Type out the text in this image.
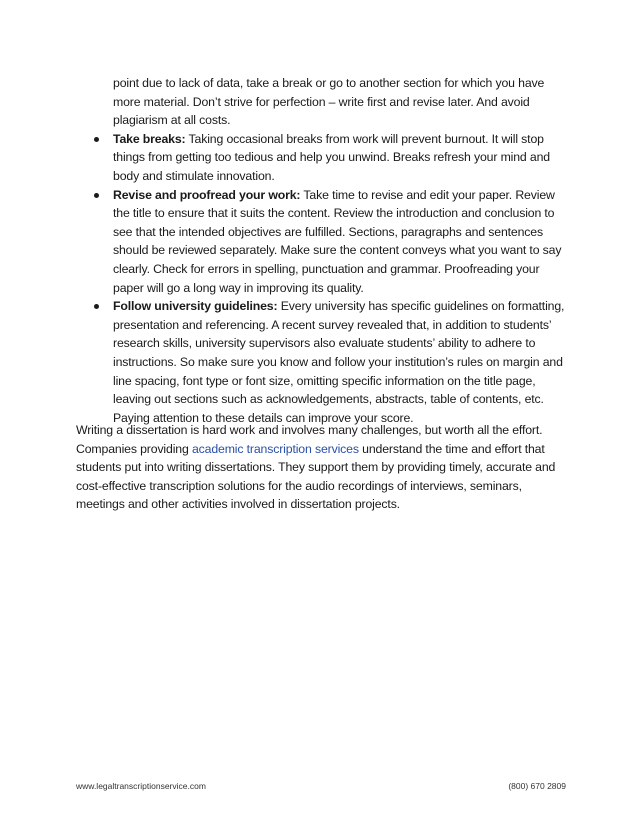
point due to lack of data, take a break or go to another section for which you have more material. Don’t strive for perfection – write first and revise later. And avoid plagiarism at all costs.
Take breaks: Taking occasional breaks from work will prevent burnout. It will stop things from getting too tedious and help you unwind. Breaks refresh your mind and body and stimulate innovation.
Revise and proofread your work: Take time to revise and edit your paper. Review the title to ensure that it suits the content. Review the introduction and conclusion to see that the intended objectives are fulfilled. Sections, paragraphs and sentences should be reviewed separately. Make sure the content conveys what you want to say clearly. Check for errors in spelling, punctuation and grammar. Proofreading your paper will go a long way in improving its quality.
Follow university guidelines: Every university has specific guidelines on formatting, presentation and referencing. A recent survey revealed that, in addition to students’ research skills, university supervisors also evaluate students’ ability to adhere to instructions. So make sure you know and follow your institution’s rules on margin and line spacing, font type or font size, omitting specific information on the title page, leaving out sections such as acknowledgements, abstracts, table of contents, etc. Paying attention to these details can improve your score.

Writing a dissertation is hard work and involves many challenges, but worth all the effort. Companies providing academic transcription services understand the time and effort that students put into writing dissertations. They support them by providing timely, accurate and cost-effective transcription solutions for the audio recordings of interviews, seminars, meetings and other activities involved in dissertation projects.

www.legaltranscriptionservice.com	(800) 670 2809
